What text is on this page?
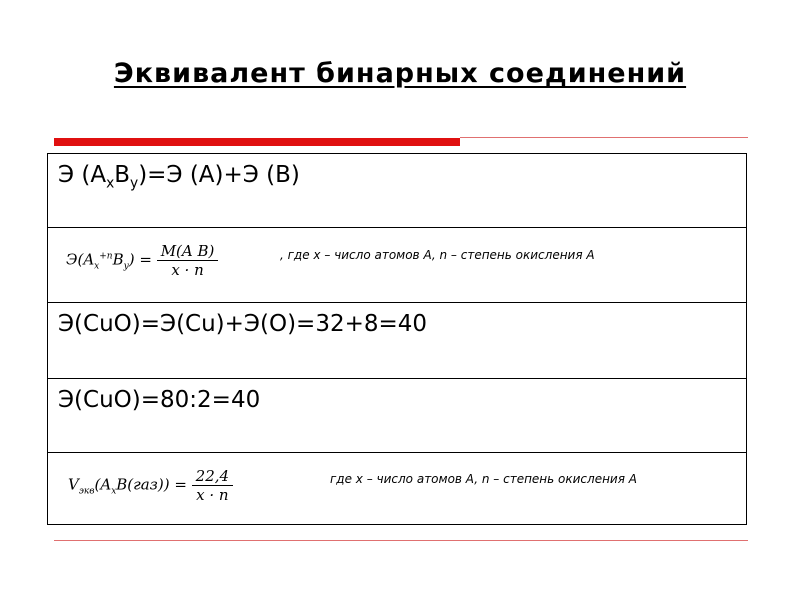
Эквивалент бинарных соединений
Э $(A_xB_y)=Э$ (A)+Э (B)
$Э(A_x^{+n}B_y) = \frac{\text{M(A B)}}{x \cdot n}$	, где x – число атомов A, n – степень окисления A
Э(CuO)=Э(Cu)+Э(O)=32+8=40
Э(CuO)=80:2=40
$V_{экв}(A_xB(газ)) = \frac{22,4}{x \cdot n}$	где x – число атомов A, n – степень окисления A
